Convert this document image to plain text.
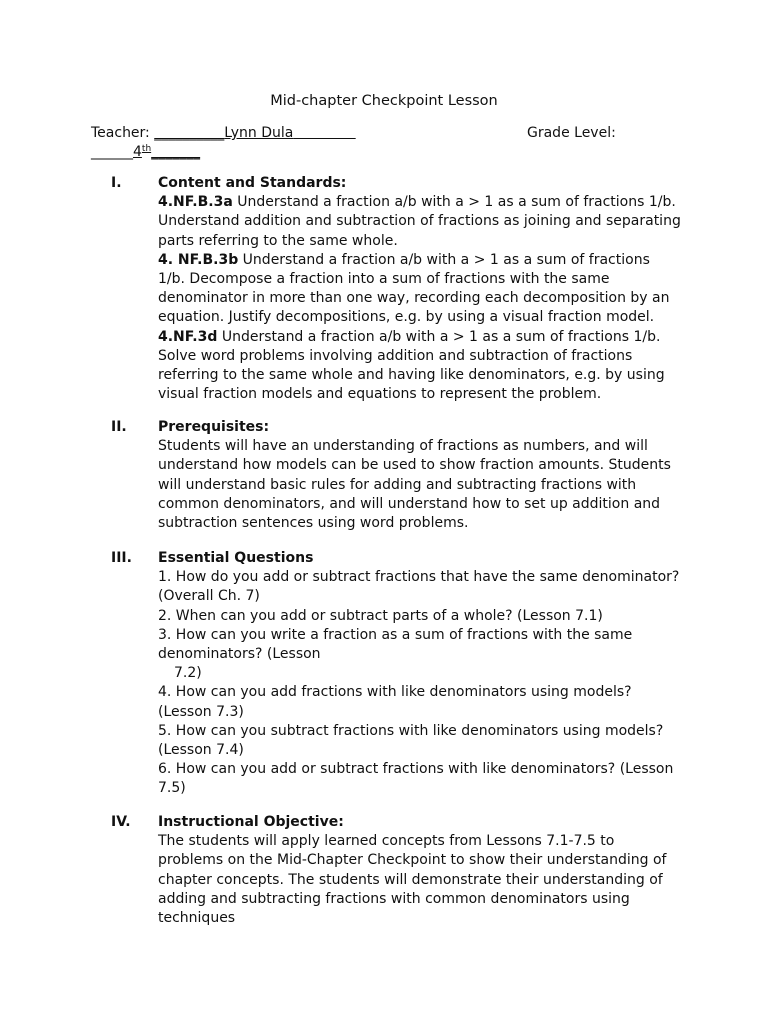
Mid-chapter Checkpoint Lesson
Teacher: __________Lynn Dula	Grade Level:
______4th_______
I.	Content and Standards:
4.NF.B.3a Understand a fraction a/b with a > 1 as a sum of fractions 1/b. Understand addition and subtraction of fractions as joining and separating parts referring to the same whole.
4. NF.B.3b Understand a fraction a/b with a > 1 as a sum of fractions 1/b. Decompose a fraction into a sum of fractions with the same denominator in more than one way, recording each decomposition by an equation. Justify decompositions, e.g. by using a visual fraction model.
4.NF.3d Understand a fraction a/b with a > 1 as a sum of fractions 1/b. Solve word problems involving addition and subtraction of fractions referring to the same whole and having like denominators, e.g. by using visual fraction models and equations to represent the problem.
II. Prerequisites:
Students will have an understanding of fractions as numbers, and will understand how models can be used to show fraction amounts. Students will understand basic rules for adding and subtracting fractions with common denominators, and will understand how to set up addition and subtraction sentences using word problems.
III. Essential Questions
1. How do you add or subtract fractions that have the same denominator? (Overall Ch. 7)
2. When can you add or subtract parts of a whole? (Lesson 7.1)
3. How can you write a fraction as a sum of fractions with the same denominators? (Lesson
7.2)
4. How can you add fractions with like denominators using models? (Lesson 7.3)
5. How can you subtract fractions with like denominators using models? (Lesson 7.4)
6. How can you add or subtract fractions with like denominators? (Lesson 7.5)
IV. Instructional Objective:
The students will apply learned concepts from Lessons 7.1-7.5 to problems on the Mid-Chapter Checkpoint to show their understanding of chapter concepts. The students will demonstrate their understanding of adding and subtracting fractions with common denominators using techniques
